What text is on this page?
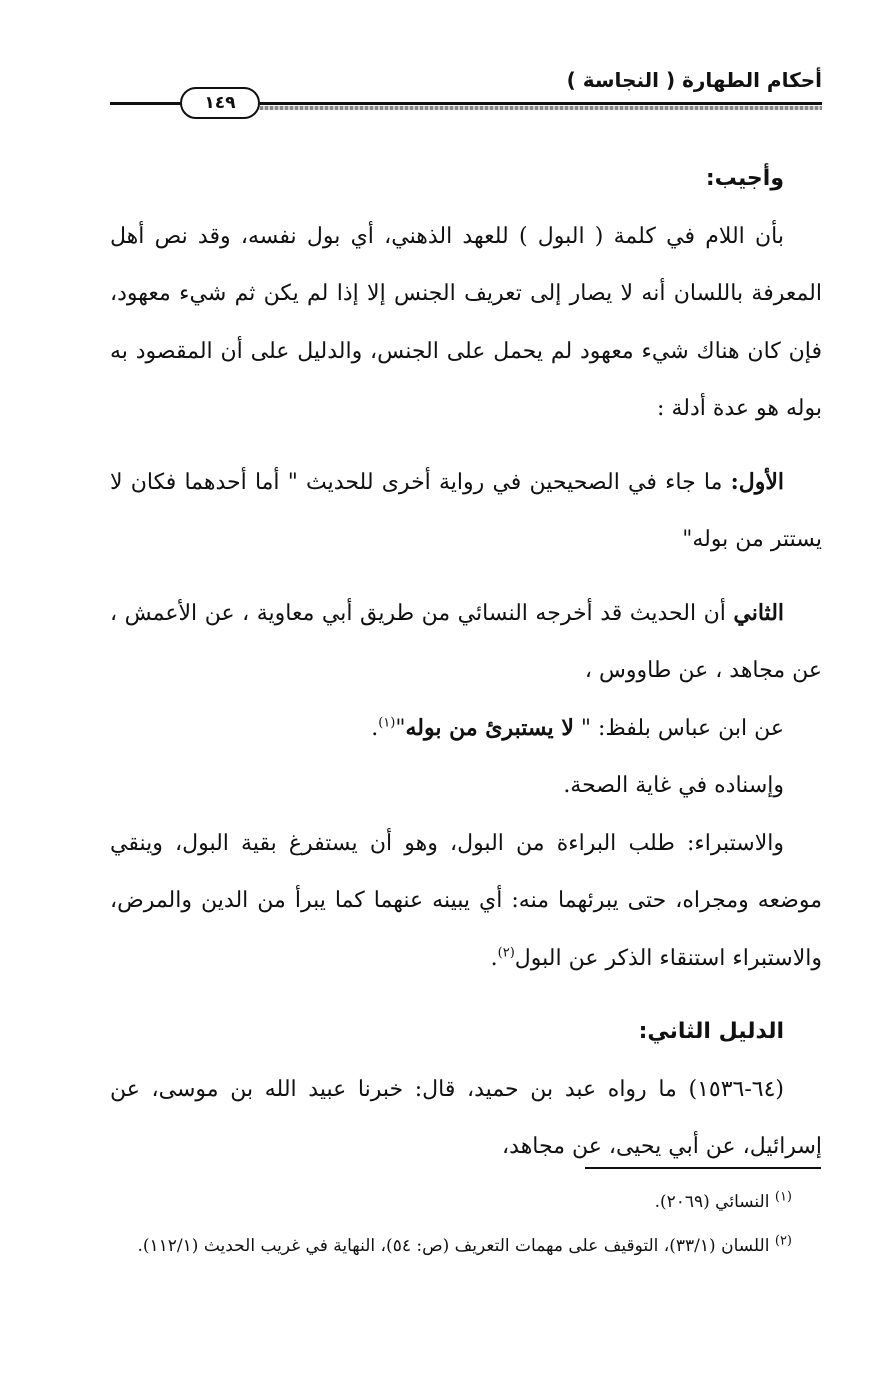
أحكام الطهارة ( النجاسة )
١٤٩

وأجيب:

بأن اللام في كلمة ( البول ) للعهد الذهني، أي بول نفسه، وقد نص أهل المعرفة باللسان أنه لا يصار إلى تعريف الجنس إلا إذا لم يكن ثم شيء معهود، فإن كان هناك شيء معهود لم يحمل على الجنس، والدليل على أن المقصود به بوله هو عدة أدلة :

الأول: ما جاء في الصحيحين في رواية أخرى للحديث " أما أحدهما فكان لا يستتر من بوله"

الثاني أن الحديث قد أخرجه النسائي من طريق أبي معاوية ، عن الأعمش ، عن مجاهد ، عن طاووس ،

عن ابن عباس بلفظ: " لا يستبرئ من بوله"$^{(١)}$.

وإسناده في غاية الصحة.

والاستبراء: طلب البراءة من البول، وهو أن يستفرغ بقية البول، وينقي موضعه ومجراه، حتى يبرئهما منه: أي يبينه عنهما كما يبرأ من الدين والمرض، والاستبراء استنقاء الذكر عن البول$^{(٢)}$.

الدليل الثاني:

(٦٤-١٥٣٦) ما رواه عبد بن حميد، قال: خبرنا عبيد الله بن موسى، عن إسرائيل، عن أبي يحيى، عن مجاهد،

$^{(١)}$ النسائي (٢٠٦٩).

$^{(٢)}$ اللسان (٣٣/١)، التوقيف على مهمات التعريف (ص: ٥٤)، النهاية في غريب الحديث (١١٢/١).
